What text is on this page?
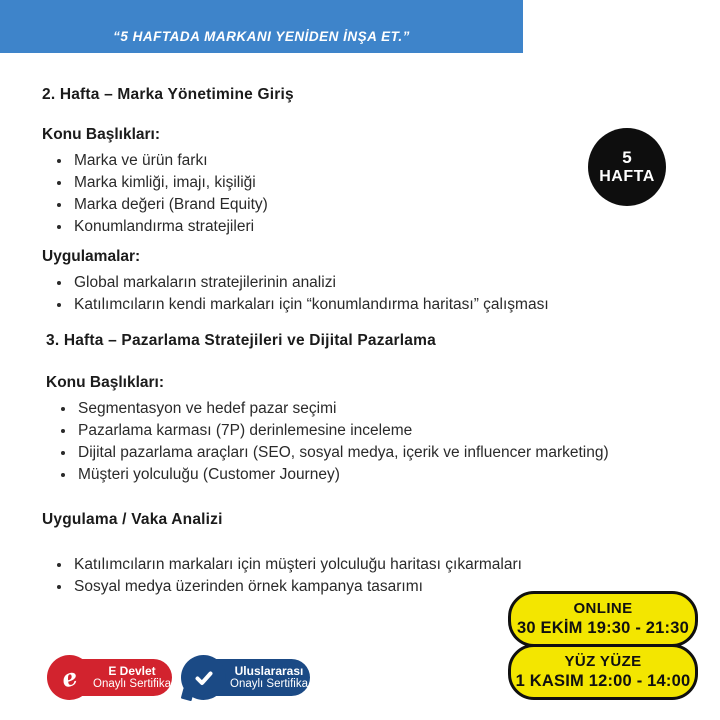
“5 HAFTADA MARKANI YENİDEN İNŞA ET.”
5
HAFTA
2. Hafta – Marka Yönetimine Giriş
Konu Başlıkları:
• Marka ve ürün farkı
• Marka kimliği, imajı, kişiliği
• Marka değeri (Brand Equity)
• Konumlandırma stratejileri
Uygulamalar:
• Global markaların stratejilerinin analizi
• Katılımcıların kendi markaları için “konumlandırma haritası” çalışması
3. Hafta – Pazarlama Stratejileri ve Dijital Pazarlama
Konu Başlıkları:
• Segmentasyon ve hedef pazar seçimi
• Pazarlama karması (7P) derinlemesine inceleme
• Dijital pazarlama araçları (SEO, sosyal medya, içerik ve influencer marketing)
• Müşteri yolculuğu (Customer Journey)
Uygulama / Vaka Analizi
• Katılımcıların markaları için müşteri yolculuğu haritası çıkarmaları
• Sosyal medya üzerinden örnek kampanya tasarımı
ONLINE
30 EKİM 19:30 - 21:30
YÜZ YÜZE
1 KASIM 12:00 - 14:00
E Devlet
Onaylı Sertifika
e	Uluslararası
Onaylı Sertifika
